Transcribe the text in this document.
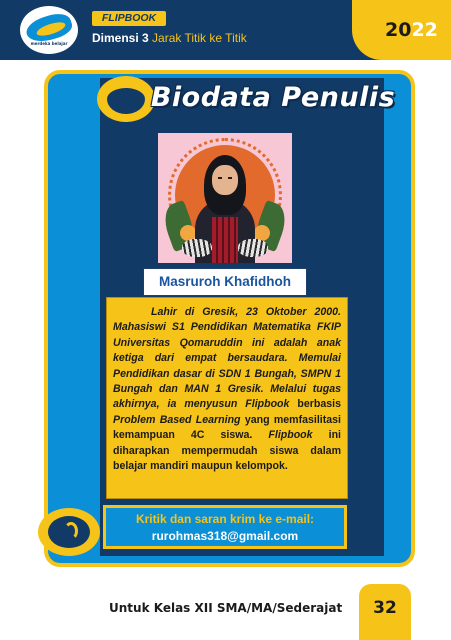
merdeka belajar
FLIPBOOK
Dimensi 3 Jarak Titik ke Titik	2022
Biodata Penulis
Masruroh Khafidhoh

Lahir di Gresik, 23 Oktober 2000. Mahasiswi S1 Pendidikan Matematika FKIP Universitas Qomaruddin ini adalah anak ketiga dari empat bersaudara. Memulai Pendidikan dasar di SDN 1 Bungah, SMPN 1 Bungah dan MAN 1 Gresik. Melalui tugas akhirnya, ia menyusun Flipbook berbasis Problem Based Learning yang memfasilitasi kemampuan 4C siswa. Flipbook ini diharapkan mempermudah siswa dalam belajar mandiri maupun kelompok.

Kritik dan saran krim ke e-mail:
rurohmas318@gmail.com
Untuk Kelas XII SMA/MA/Sederajat	32
